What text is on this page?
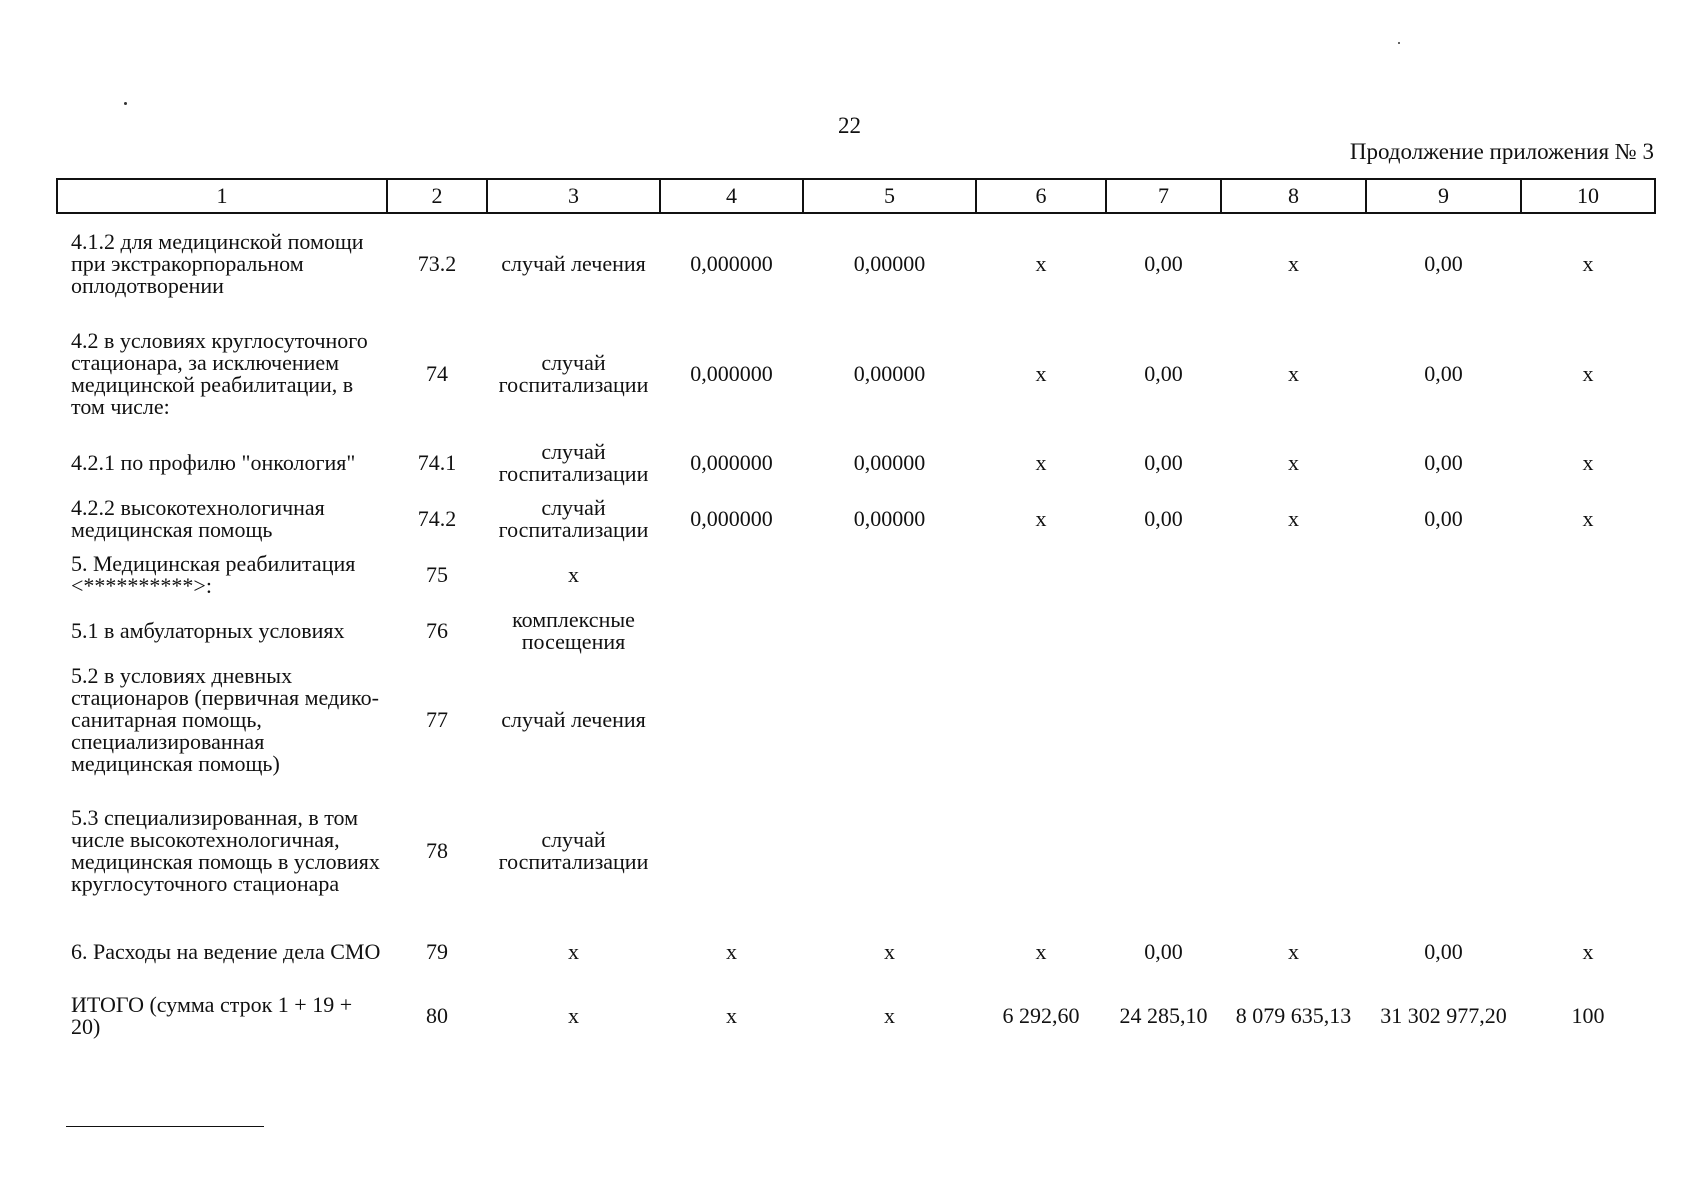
22
Продолжение приложения № 3
1	2	3	4	5	6	7	8	9	10
4.1.2 для медицинской помощи при экстракорпоральном оплодотворении	73.2	случай лечения	0,000000	0,00000	х	0,00	х	0,00	х
4.2 в условиях круглосуточного стационара, за исключением медицинской реабилитации, в том числе:	74	случай госпитализации	0,000000	0,00000	х	0,00	х	0,00	х
4.2.1 по профилю "онкология"	74.1	случай госпитализации	0,000000	0,00000	х	0,00	х	0,00	х
4.2.2 высокотехнологичная медицинская помощь	74.2	случай госпитализации	0,000000	0,00000	х	0,00	х	0,00	х
5. Медицинская реабилитация <**********>:	75	х							
5.1 в амбулаторных условиях	76	комплексные посещения							
5.2 в условиях дневных стационаров (первичная медико-санитарная помощь, специализированная медицинская помощь)	77	случай лечения							
5.3 специализированная, в том числе высокотехнологичная, медицинская помощь в условиях круглосуточного стационара	78	случай госпитализации							
6. Расходы на ведение дела СМО	79	х	х	х	х	0,00	х	0,00	х
ИТОГО (сумма строк 1 + 19 + 20)	80	х	х	х	6 292,60	24 285,10	8 079 635,13	31 302 977,20	100
